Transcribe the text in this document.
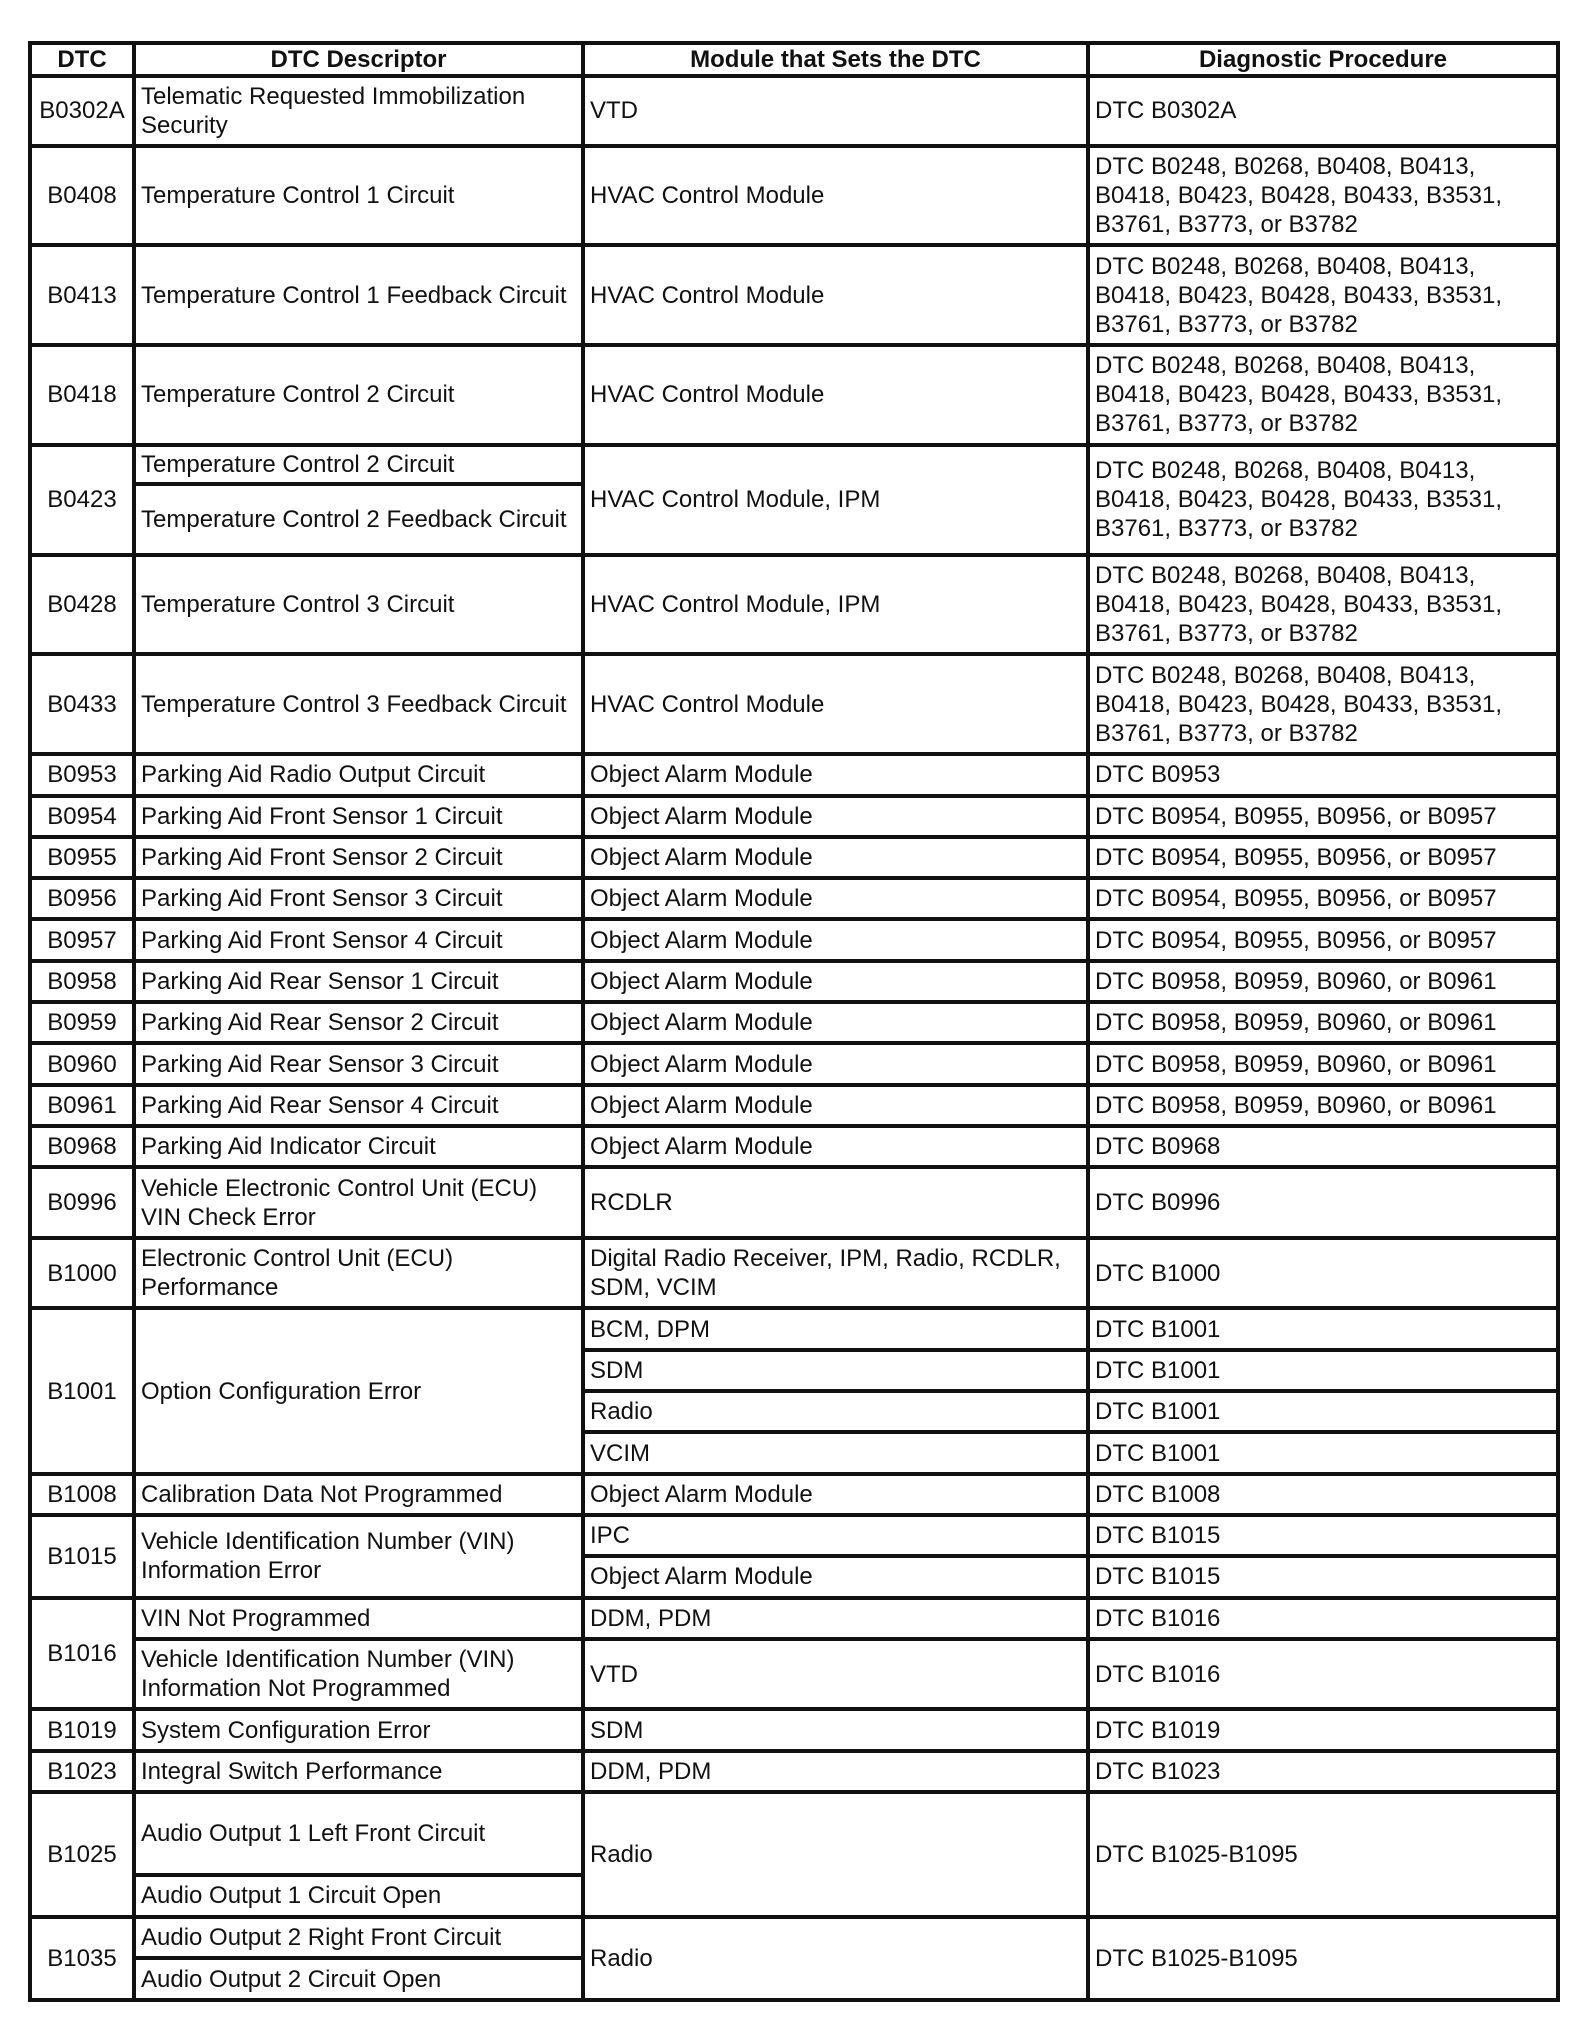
DTC	DTC Descriptor	Module that Sets the DTC	Diagnostic Procedure
B0302A	Telematic Requested Immobilization Security	VTD	DTC B0302A
B0408	Temperature Control 1 Circuit	HVAC Control Module	DTC B0248, B0268, B0408, B0413, B0418, B0423, B0428, B0433, B3531, B3761, B3773, or B3782
B0413	Temperature Control 1 Feedback Circuit	HVAC Control Module	DTC B0248, B0268, B0408, B0413, B0418, B0423, B0428, B0433, B3531, B3761, B3773, or B3782
B0418	Temperature Control 2 Circuit	HVAC Control Module	DTC B0248, B0268, B0408, B0413, B0418, B0423, B0428, B0433, B3531, B3761, B3773, or B3782
B0423	Temperature Control 2 Circuit	HVAC Control Module, IPM	DTC B0248, B0268, B0408, B0413, B0418, B0423, B0428, B0433, B3531, B3761, B3773, or B3782
	Temperature Control 2 Feedback Circuit		
B0428	Temperature Control 3 Circuit	HVAC Control Module, IPM	DTC B0248, B0268, B0408, B0413, B0418, B0423, B0428, B0433, B3531, B3761, B3773, or B3782
B0433	Temperature Control 3 Feedback Circuit	HVAC Control Module	DTC B0248, B0268, B0408, B0413, B0418, B0423, B0428, B0433, B3531, B3761, B3773, or B3782
B0953	Parking Aid Radio Output Circuit	Object Alarm Module	DTC B0953
B0954	Parking Aid Front Sensor 1 Circuit	Object Alarm Module	DTC B0954, B0955, B0956, or B0957
B0955	Parking Aid Front Sensor 2 Circuit	Object Alarm Module	DTC B0954, B0955, B0956, or B0957
B0956	Parking Aid Front Sensor 3 Circuit	Object Alarm Module	DTC B0954, B0955, B0956, or B0957
B0957	Parking Aid Front Sensor 4 Circuit	Object Alarm Module	DTC B0954, B0955, B0956, or B0957
B0958	Parking Aid Rear Sensor 1 Circuit	Object Alarm Module	DTC B0958, B0959, B0960, or B0961
B0959	Parking Aid Rear Sensor 2 Circuit	Object Alarm Module	DTC B0958, B0959, B0960, or B0961
B0960	Parking Aid Rear Sensor 3 Circuit	Object Alarm Module	DTC B0958, B0959, B0960, or B0961
B0961	Parking Aid Rear Sensor 4 Circuit	Object Alarm Module	DTC B0958, B0959, B0960, or B0961
B0968	Parking Aid Indicator Circuit	Object Alarm Module	DTC B0968
B0996	Vehicle Electronic Control Unit (ECU) VIN Check Error	RCDLR	DTC B0996
B1000	Electronic Control Unit (ECU) Performance	Digital Radio Receiver, IPM, Radio, RCDLR, SDM, VCIM	DTC B1000
B1001	Option Configuration Error	BCM, DPM	DTC B1001
		SDM	DTC B1001
		Radio	DTC B1001
		VCIM	DTC B1001
B1008	Calibration Data Not Programmed	Object Alarm Module	DTC B1008
B1015	Vehicle Identification Number (VIN) Information Error	IPC	DTC B1015
		Object Alarm Module	DTC B1015
B1016	VIN Not Programmed	DDM, PDM	DTC B1016
	Vehicle Identification Number (VIN) Information Not Programmed	VTD	DTC B1016
B1019	System Configuration Error	SDM	DTC B1019
B1023	Integral Switch Performance	DDM, PDM	DTC B1023
B1025	Audio Output 1 Left Front Circuit	Radio	DTC B1025-B1095
	Audio Output 1 Circuit Open		
B1035	Audio Output 2 Right Front Circuit	Radio	DTC B1025-B1095
	Audio Output 2 Circuit Open		
